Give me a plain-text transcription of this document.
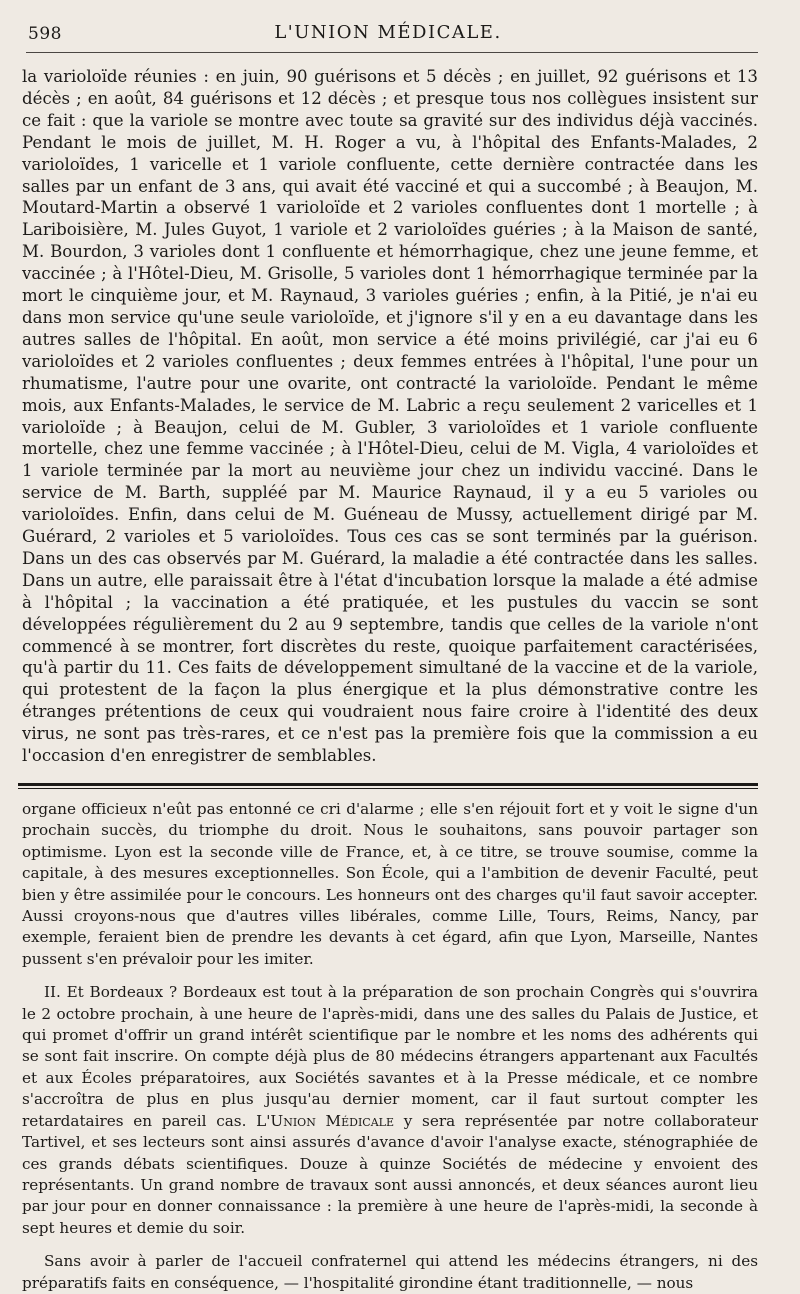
598	L'UNION MÉDICALE.

la varioloïde réunies : en juin, 90 guérisons et 5 décès ; en juillet, 92 guérisons et 13 décès ; en août, 84 guérisons et 12 décès ; et presque tous nos collègues insistent sur ce fait : que la variole se montre avec toute sa gravité sur des individus déjà vaccinés. Pendant le mois de juillet, M. H. Roger a vu, à l'hôpital des Enfants-Malades, 2 varioloïdes, 1 varicelle et 1 variole confluente, cette dernière contractée dans les salles par un enfant de 3 ans, qui avait été vacciné et qui a succombé ; à Beaujon, M. Moutard-Martin a observé 1 varioloïde et 2 varioles confluentes dont 1 mortelle ; à Lariboisière, M. Jules Guyot, 1 variole et 2 varioloïdes guéries ; à la Maison de santé, M. Bourdon, 3 varioles dont 1 confluente et hémorrhagique, chez une jeune femme, et vaccinée ; à l'Hôtel-Dieu, M. Grisolle, 5 varioles dont 1 hémorrhagique terminée par la mort le cinquième jour, et M. Raynaud, 3 varioles guéries ; enfin, à la Pitié, je n'ai eu dans mon service qu'une seule varioloïde, et j'ignore s'il y en a eu davantage dans les autres salles de l'hôpital. En août, mon service a été moins privilégié, car j'ai eu 6 varioloïdes et 2 varioles confluentes ; deux femmes entrées à l'hôpital, l'une pour un rhumatisme, l'autre pour une ovarite, ont contracté la varioloïde. Pendant le même mois, aux Enfants-Malades, le service de M. Labric a reçu seulement 2 varicelles et 1 varioloïde ; à Beaujon, celui de M. Gubler, 3 varioloïdes et 1 variole confluente mortelle, chez une femme vaccinée ; à l'Hôtel-Dieu, celui de M. Vigla, 4 varioloïdes et 1 variole terminée par la mort au neuvième jour chez un individu vacciné. Dans le service de M. Barth, suppléé par M. Maurice Raynaud, il y a eu 5 varioles ou varioloïdes. Enfin, dans celui de M. Guéneau de Mussy, actuellement dirigé par M. Guérard, 2 varioles et 5 varioloïdes. Tous ces cas se sont terminés par la guérison. Dans un des cas observés par M. Guérard, la maladie a été contractée dans les salles. Dans un autre, elle paraissait être à l'état d'incubation lorsque la malade a été admise à l'hôpital ; la vaccination a été pratiquée, et les pustules du vaccin se sont développées régulièrement du 2 au 9 septembre, tandis que celles de la variole n'ont commencé à se montrer, fort discrètes du reste, quoique parfaitement caractérisées, qu'à partir du 11. Ces faits de développement simultané de la vaccine et de la variole, qui protestent de la façon la plus énergique et la plus démonstrative contre les étranges prétentions de ceux qui voudraient nous faire croire à l'identité des deux virus, ne sont pas très-rares, et ce n'est pas la première fois que la commission a eu l'occasion d'en enregistrer de semblables.

organe officieux n'eût pas entonné ce cri d'alarme ; elle s'en réjouit fort et y voit le signe d'un prochain succès, du triomphe du droit. Nous le souhaitons, sans pouvoir partager son optimisme. Lyon est la seconde ville de France, et, à ce titre, se trouve soumise, comme la capitale, à des mesures exceptionnelles. Son École, qui a l'ambition de devenir Faculté, peut bien y être assimilée pour le concours. Les honneurs ont des charges qu'il faut savoir accepter. Aussi croyons-nous que d'autres villes libérales, comme Lille, Tours, Reims, Nancy, par exemple, feraient bien de prendre les devants à cet égard, afin que Lyon, Marseille, Nantes pussent s'en prévaloir pour les imiter.

II. Et Bordeaux ? Bordeaux est tout à la préparation de son prochain Congrès qui s'ouvrira le 2 octobre prochain, à une heure de l'après-midi, dans une des salles du Palais de Justice, et qui promet d'offrir un grand intérêt scientifique par le nombre et les noms des adhérents qui se sont fait inscrire. On compte déjà plus de 80 médecins étrangers appartenant aux Facultés et aux Écoles préparatoires, aux Sociétés savantes et à la Presse médicale, et ce nombre s'accroîtra de plus en plus jusqu'au dernier moment, car il faut surtout compter les retardataires en pareil cas. L'Union Médicale y sera représentée par notre collaborateur Tartivel, et ses lecteurs sont ainsi assurés d'avance d'avoir l'analyse exacte, sténographiée de ces grands débats scientifiques. Douze à quinze Sociétés de médecine y envoient des représentants. Un grand nombre de travaux sont aussi annoncés, et deux séances auront lieu par jour pour en donner connaissance : la première à une heure de l'après-midi, la seconde à sept heures et demie du soir.

Sans avoir à parler de l'accueil confraternel qui attend les médecins étrangers, ni des préparatifs faits en conséquence, — l'hospitalité girondine étant traditionnelle, — nous
